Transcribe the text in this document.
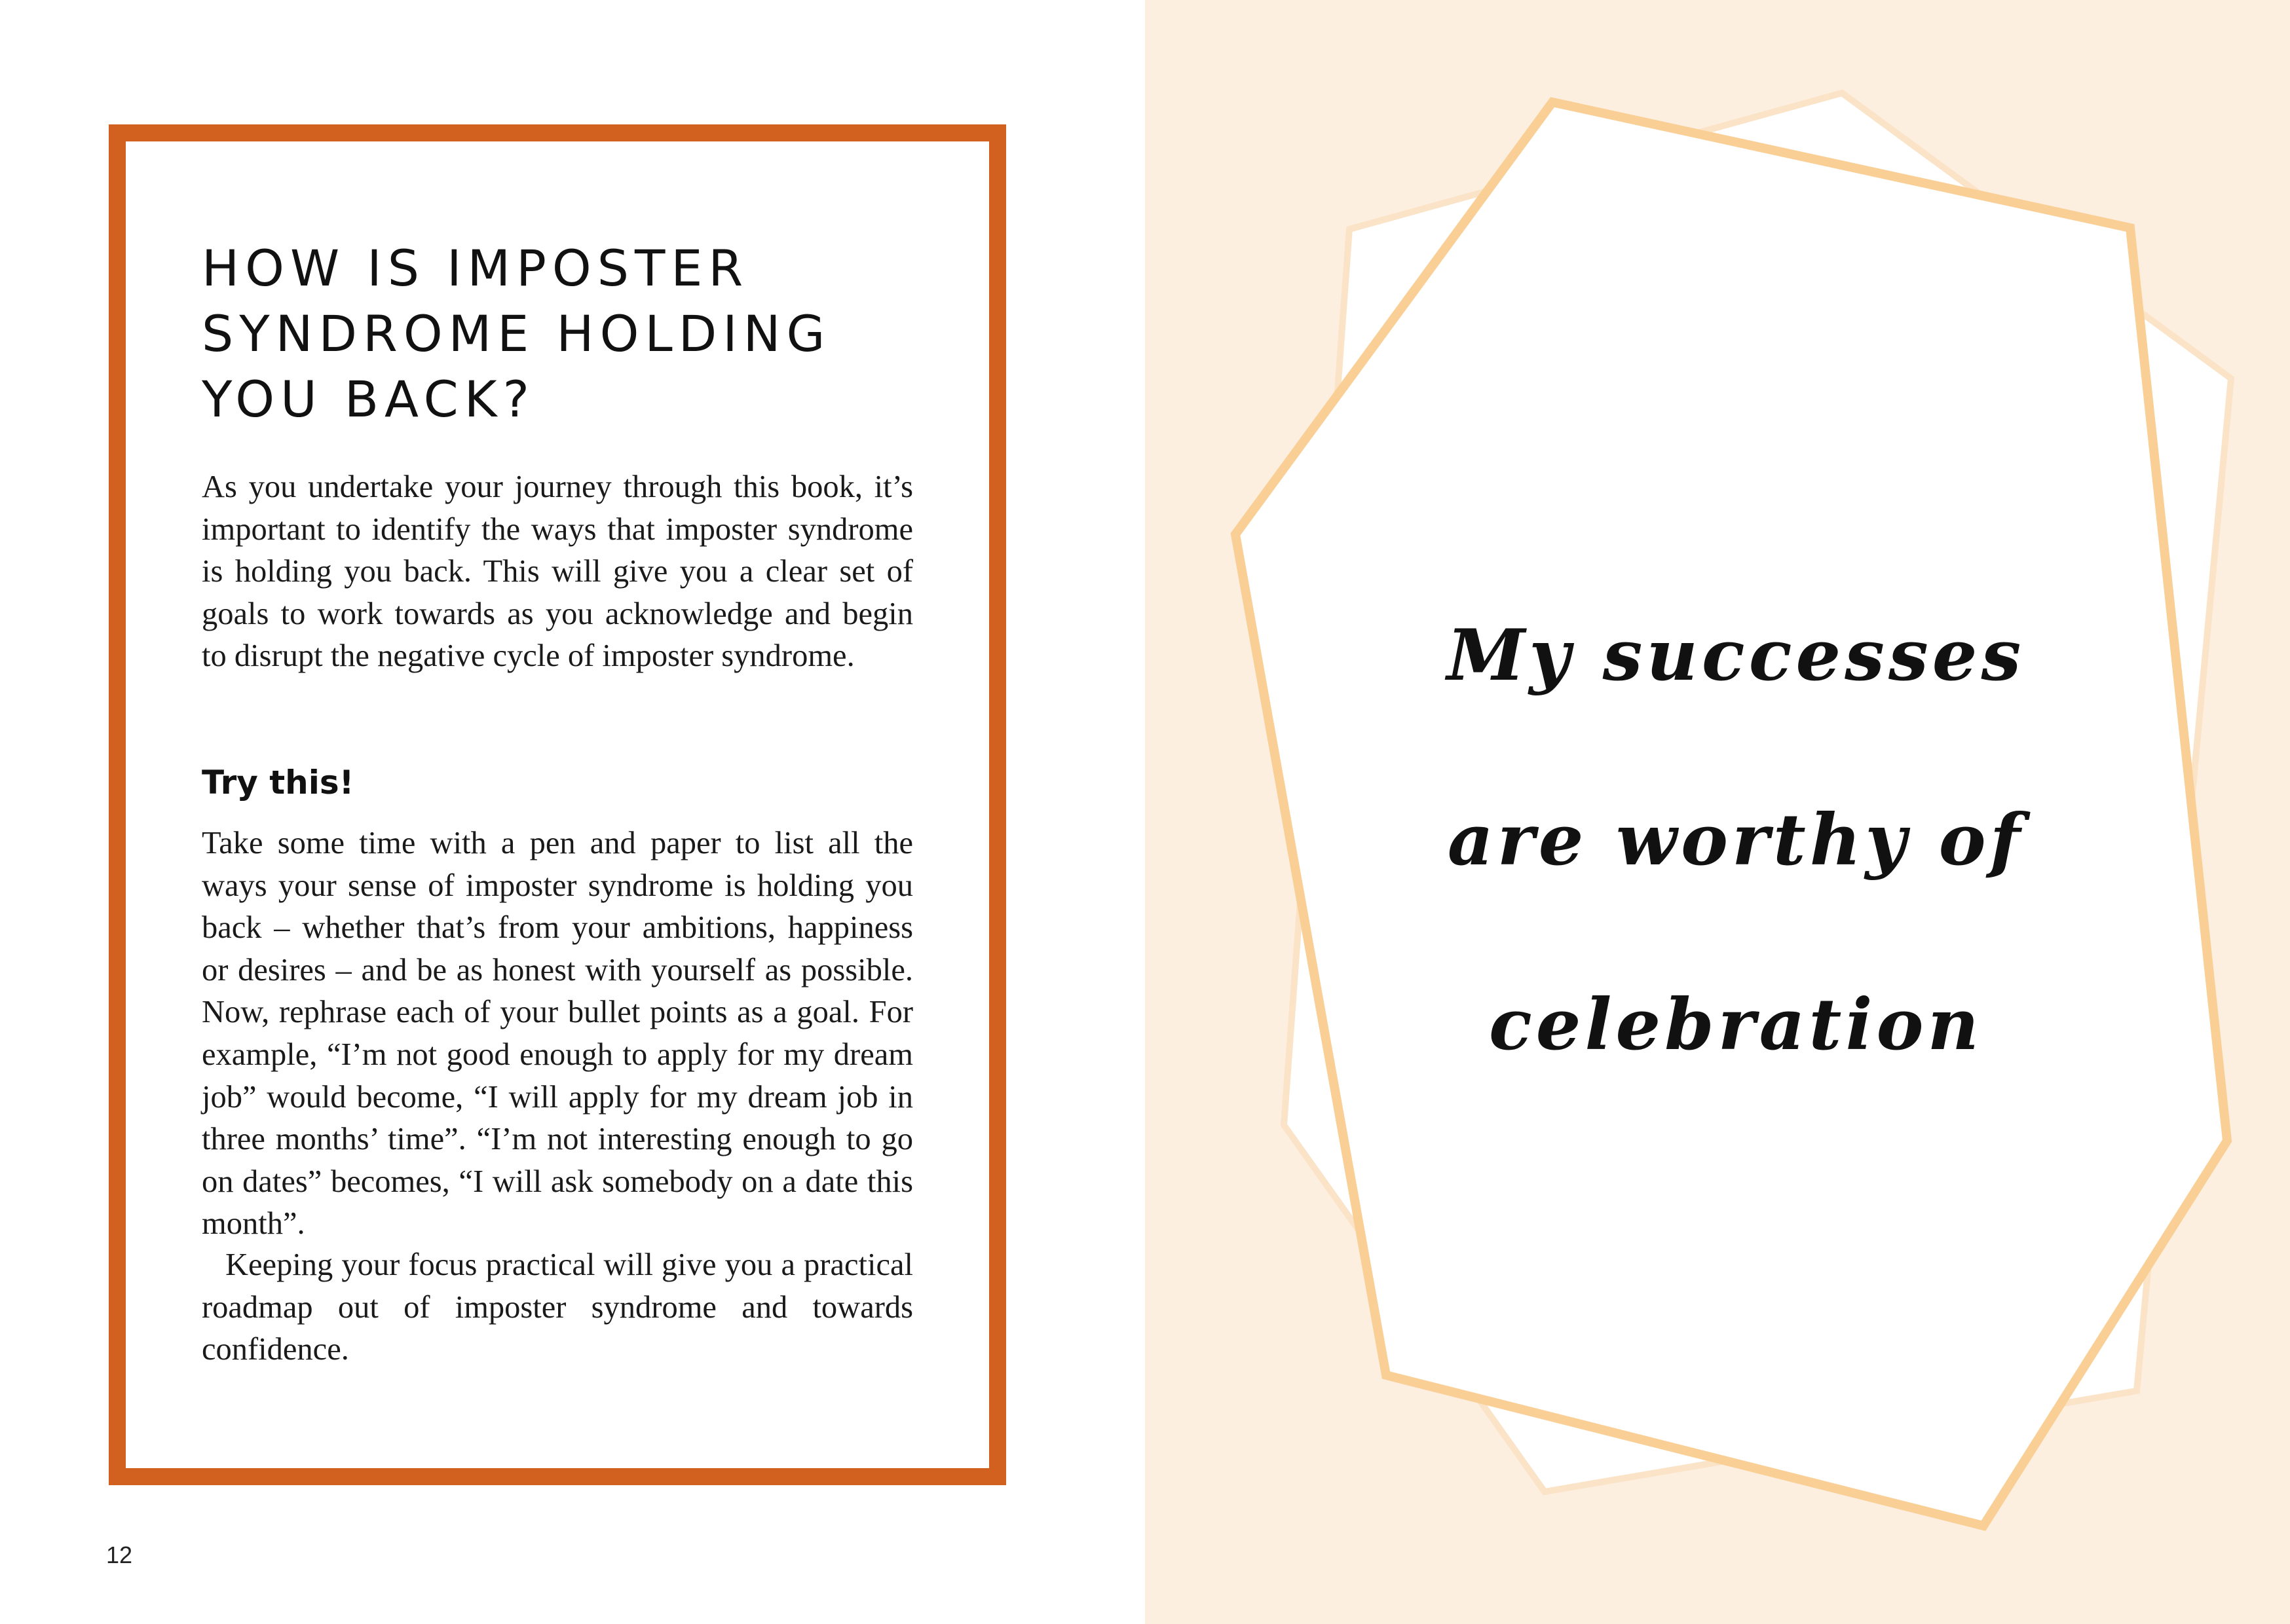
HOW IS IMPOSTER
SYNDROME HOLDING
YOU BACK?

As you undertake your journey through this book, it’s important to identify the ways that imposter syndrome is holding you back. This will give you a clear set of goals to work towards as you acknowledge and begin to disrupt the negative cycle of imposter syndrome.

Try this!

Take some time with a pen and paper to list all the ways your sense of imposter syndrome is holding you back – whether that’s from your ambitions, happiness or desires – and be as honest with yourself as possible. Now, rephrase each of your bullet points as a goal. For example, “I’m not good enough to apply for my dream job” would become, “I will apply for my dream job in three months’ time”. “I’m not interesting enough to go on dates” becomes, “I will ask somebody on a date this month”.

Keeping your focus practical will give you a practical roadmap out of imposter syndrome and towards confidence.

12

My successes
are worthy of
celebration
